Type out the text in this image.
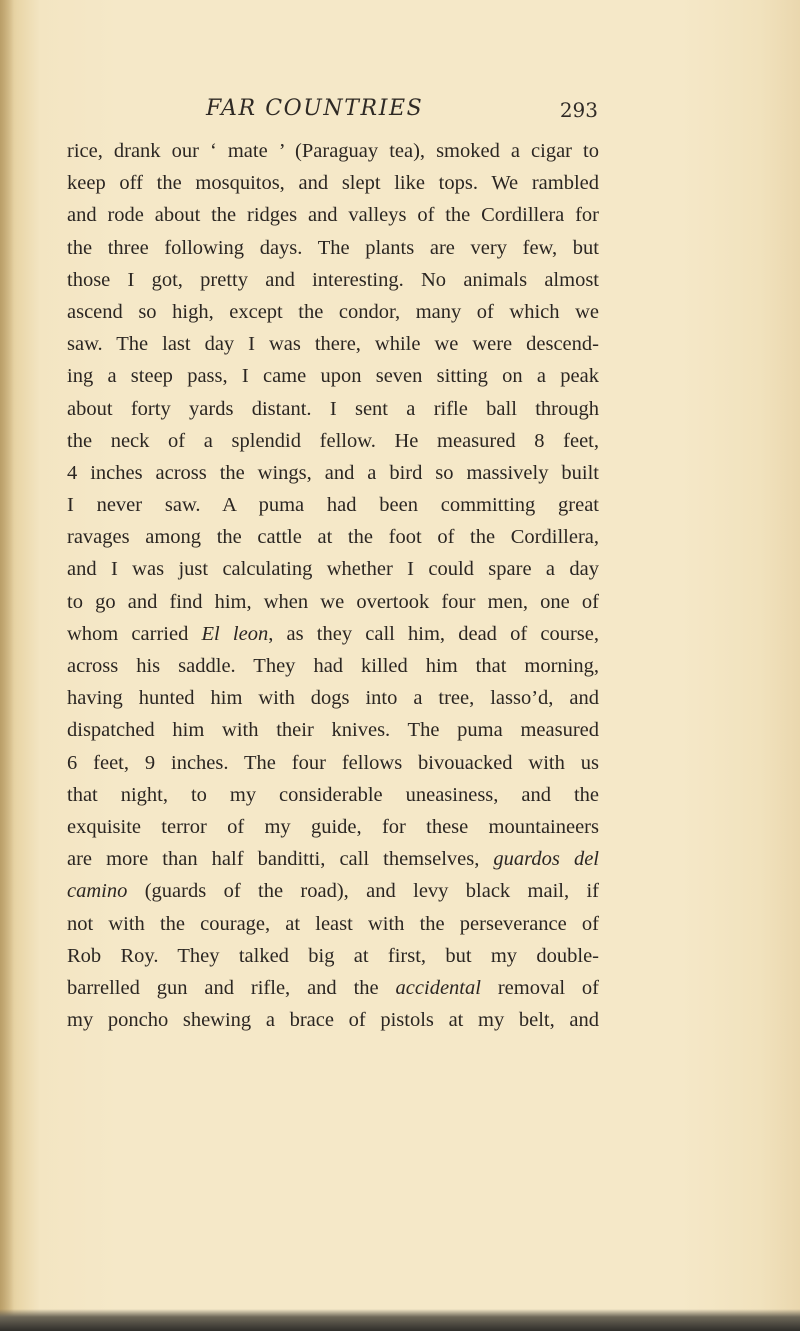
FAR COUNTRIES	293
rice, drank our ‘ mate ’ (Paraguay tea), smoked a cigar to
keep off the mosquitos, and slept like tops. We rambled
and rode about the ridges and valleys of the Cordillera for
the three following days. The plants are very few, but
those I got, pretty and interesting. No animals almost
ascend so high, except the condor, many of which we
saw. The last day I was there, while we were descend-
ing a steep pass, I came upon seven sitting on a peak
about forty yards distant. I sent a rifle ball through
the neck of a splendid fellow. He measured 8 feet,
4 inches across the wings, and a bird so massively built
I never saw. A puma had been committing great
ravages among the cattle at the foot of the Cordillera,
and I was just calculating whether I could spare a day
to go and find him, when we overtook four men, one of
whom carried El leon, as they call him, dead of course,
across his saddle. They had killed him that morning,
having hunted him with dogs into a tree, lasso’d, and
dispatched him with their knives. The puma measured
6 feet, 9 inches. The four fellows bivouacked with us
that night, to my considerable uneasiness, and the
exquisite terror of my guide, for these mountaineers
are more than half banditti, call themselves, guardos del
camino (guards of the road), and levy black mail, if
not with the courage, at least with the perseverance of
Rob Roy. They talked big at first, but my double-
barrelled gun and rifle, and the accidental removal of
my poncho shewing a brace of pistols at my belt, and
